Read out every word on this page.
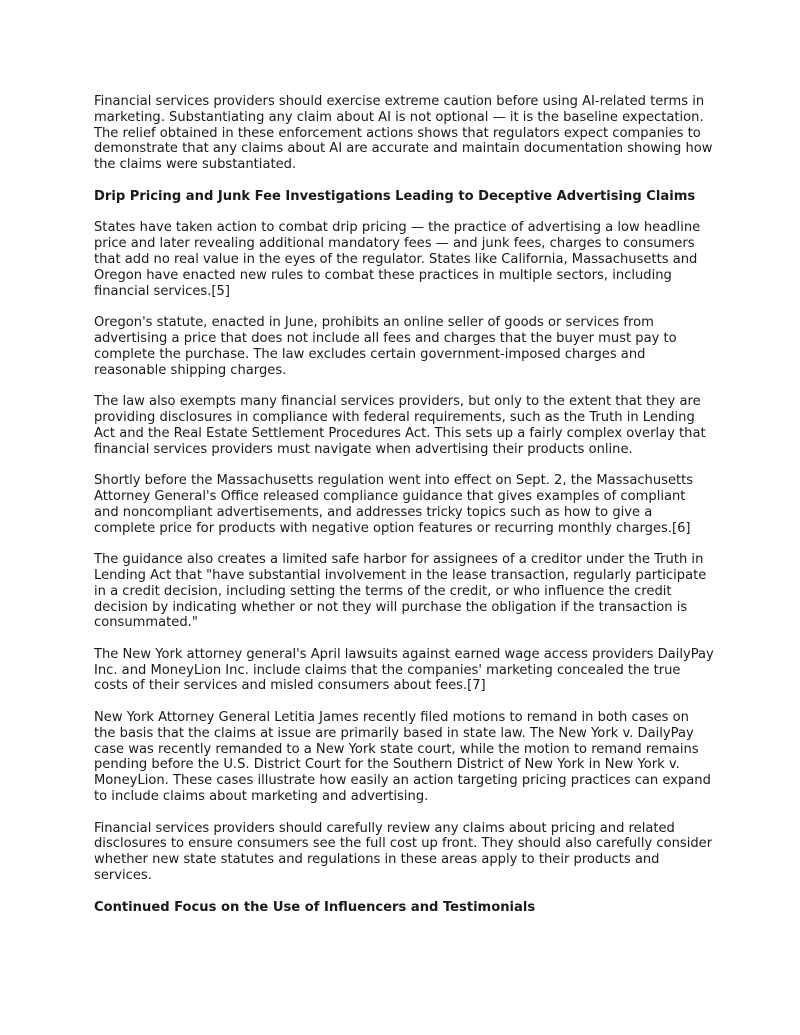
Financial services providers should exercise extreme caution before using AI-related terms in marketing. Substantiating any claim about AI is not optional — it is the baseline expectation. The relief obtained in these enforcement actions shows that regulators expect companies to demonstrate that any claims about AI are accurate and maintain documentation showing how the claims were substantiated.

Drip Pricing and Junk Fee Investigations Leading to Deceptive Advertising Claims

States have taken action to combat drip pricing — the practice of advertising a low headline price and later revealing additional mandatory fees — and junk fees, charges to consumers that add no real value in the eyes of the regulator. States like California, Massachusetts and Oregon have enacted new rules to combat these practices in multiple sectors, including financial services.[5]

Oregon's statute, enacted in June, prohibits an online seller of goods or services from advertising a price that does not include all fees and charges that the buyer must pay to complete the purchase. The law excludes certain government-imposed charges and reasonable shipping charges.

The law also exempts many financial services providers, but only to the extent that they are providing disclosures in compliance with federal requirements, such as the Truth in Lending Act and the Real Estate Settlement Procedures Act. This sets up a fairly complex overlay that financial services providers must navigate when advertising their products online.

Shortly before the Massachusetts regulation went into effect on Sept. 2, the Massachusetts Attorney General's Office released compliance guidance that gives examples of compliant and noncompliant advertisements, and addresses tricky topics such as how to give a complete price for products with negative option features or recurring monthly charges.[6]

The guidance also creates a limited safe harbor for assignees of a creditor under the Truth in Lending Act that "have substantial involvement in the lease transaction, regularly participate in a credit decision, including setting the terms of the credit, or who influence the credit decision by indicating whether or not they will purchase the obligation if the transaction is consummated."

The New York attorney general's April lawsuits against earned wage access providers DailyPay Inc. and MoneyLion Inc. include claims that the companies' marketing concealed the true costs of their services and misled consumers about fees.[7]

New York Attorney General Letitia James recently filed motions to remand in both cases on the basis that the claims at issue are primarily based in state law. The New York v. DailyPay case was recently remanded to a New York state court, while the motion to remand remains pending before the U.S. District Court for the Southern District of New York in New York v. MoneyLion. These cases illustrate how easily an action targeting pricing practices can expand to include claims about marketing and advertising.

Financial services providers should carefully review any claims about pricing and related disclosures to ensure consumers see the full cost up front. They should also carefully consider whether new state statutes and regulations in these areas apply to their products and services.

Continued Focus on the Use of Influencers and Testimonials
